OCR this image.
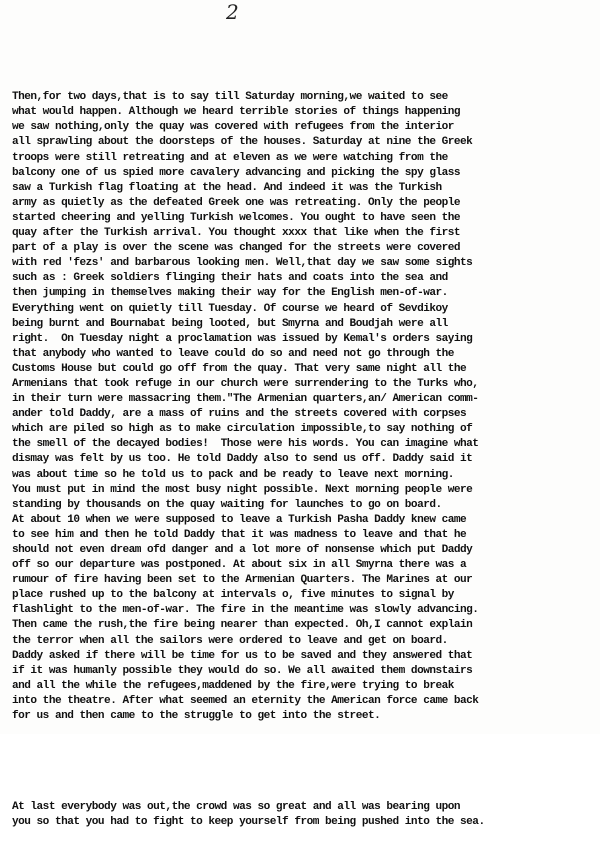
2

Then,for two days,that is to say till Saturday morning,we waited to see
what would happen. Although we heard terrible stories of things happening
we saw nothing,only the quay was covered with refugees from the interior
all sprawling about the doorsteps of the houses. Saturday at nine the Greek
troops were still retreating and at eleven as we were watching from the
balcony one of us spied more cavalery advancing and picking the spy glass
saw a Turkish flag floating at the head. And indeed it was the Turkish
army as quietly as the defeated Greek one was retreating. Only the people
started cheering and yelling Turkish welcomes. You ought to have seen the
quay after the Turkish arrival. You thought xxxx that like when the first
part of a play is over the scene was changed for the streets were covered
with red 'fezs' and barbarous looking men. Well,that day we saw some sights
such as : Greek soldiers flinging their hats and coats into the sea and
then jumping in themselves making their way for the English men-of-war.
Everything went on quietly till Tuesday. Of course we heard of Sevdikoy
being burnt and Bournabat being looted, but Smyrna and Boudjah were all
right.  On Tuesday night a proclamation was issued by Kemal's orders saying
that anybody who wanted to leave could do so and need not go through the
Customs House but could go off from the quay. That very same night all the
Armenians that took refuge in our church were surrendering to the Turks who,
in their turn were massacring them."The Armenian quarters,an/ American comm-
ander told Daddy, are a mass of ruins and the streets covered with corpses
which are piled so high as to make circulation impossible,to say nothing of
the smell of the decayed bodies!  Those were his words. You can imagine what
dismay was felt by us too. He told Daddy also to send us off. Daddy said it
was about time so he told us to pack and be ready to leave next morning.
You must put in mind the most busy night possible. Next morning people were
standing by thousands on the quay waiting for launches to go on board.
At about 10 when we were supposed to leave a Turkish Pasha Daddy knew came
to see him and then he told Daddy that it was madness to leave and that he
should not even dream ofd danger and a lot more of nonsense which put Daddy
off so our departure was postponed. At about six in all Smyrna there was a
rumour of fire having been set to the Armenian Quarters. The Marines at our
place rushed up to the balcony at intervals o, five minutes to signal by
flashlight to the men-of-war. The fire in the meantime was slowly advancing.
Then came the rush,the fire being nearer than expected. Oh,I cannot explain
the terror when all the sailors were ordered to leave and get on board.
Daddy asked if there will be time for us to be saved and they answered that
if it was humanly possible they would do so. We all awaited them downstairs
and all the while the refugees,maddened by the fire,were trying to break
into the theatre. After what seemed an eternity the American force came back
for us and then came to the struggle to get into the street.

At last everybody was out,the crowd was so great and all was bearing upon
you so that you had to fight to keep yourself from being pushed into the sea.
